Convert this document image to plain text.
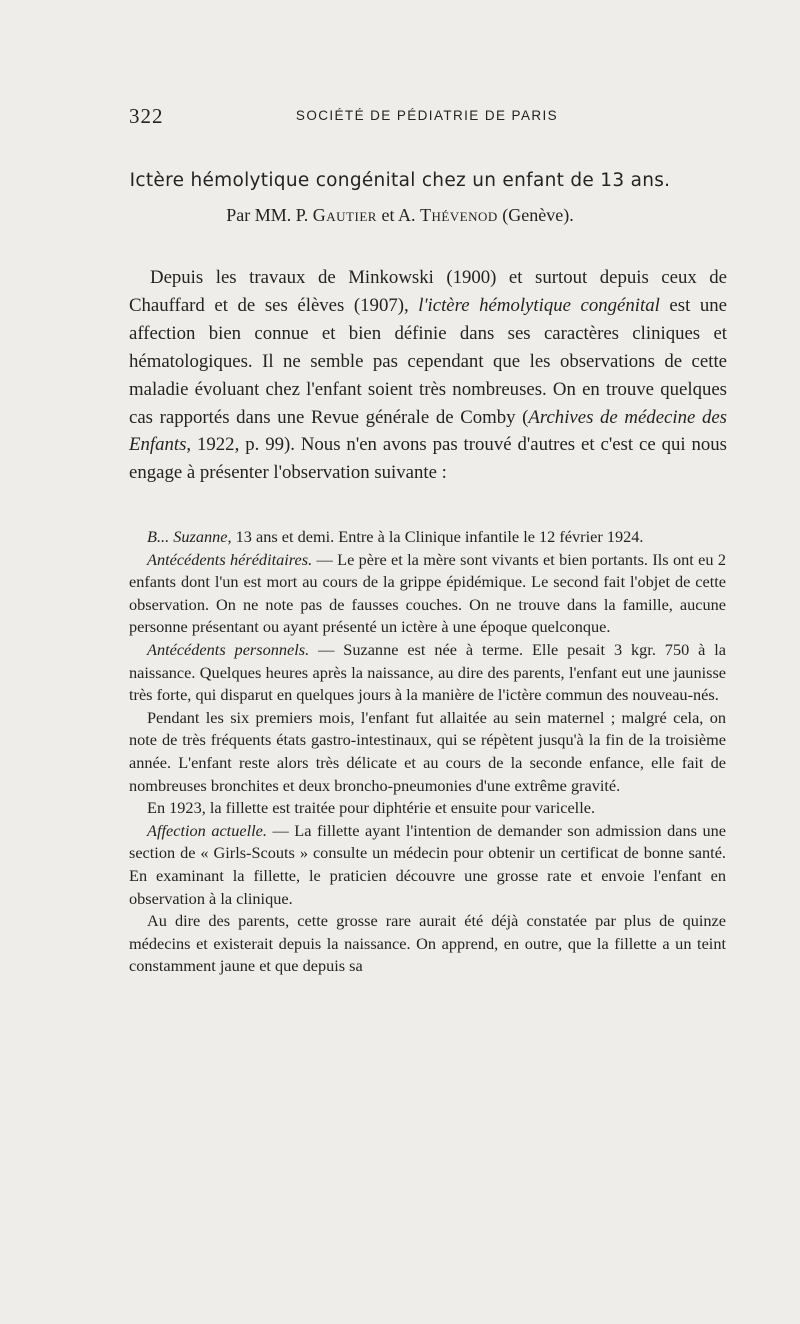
322	SOCIÉTÉ DE PÉDIATRIE DE PARIS
Ictère hémolytique congénital chez un enfant de 13 ans.
Par MM. P. Gautier et A. Thévenod (Genève).

Depuis les travaux de Minkowski (1900) et surtout depuis ceux de Chauffard et de ses élèves (1907), l'ictère hémolytique congénital est une affection bien connue et bien définie dans ses caractères cliniques et hématologiques. Il ne semble pas cependant que les observations de cette maladie évoluant chez l'enfant soient très nombreuses. On en trouve quelques cas rapportés dans une Revue générale de Comby (Archives de médecine des Enfants, 1922, p. 99). Nous n'en avons pas trouvé d'autres et c'est ce qui nous engage à présenter l'observation suivante :

B... Suzanne, 13 ans et demi. Entre à la Clinique infantile le 12 février 1924.

Antécédents héréditaires. — Le père et la mère sont vivants et bien portants. Ils ont eu 2 enfants dont l'un est mort au cours de la grippe épidémique. Le second fait l'objet de cette observation. On ne note pas de fausses couches. On ne trouve dans la famille, aucune personne présentant ou ayant présenté un ictère à une époque quelconque.

Antécédents personnels. — Suzanne est née à terme. Elle pesait 3 kgr. 750 à la naissance. Quelques heures après la naissance, au dire des parents, l'enfant eut une jaunisse très forte, qui disparut en quelques jours à la manière de l'ictère commun des nouveau-nés.

Pendant les six premiers mois, l'enfant fut allaitée au sein maternel ; malgré cela, on note de très fréquents états gastro-intestinaux, qui se répètent jusqu'à la fin de la troisième année. L'enfant reste alors très délicate et au cours de la seconde enfance, elle fait de nombreuses bronchites et deux broncho-pneumonies d'une extrême gravité.

En 1923, la fillette est traitée pour diphtérie et ensuite pour varicelle.

Affection actuelle. — La fillette ayant l'intention de demander son admission dans une section de « Girls-Scouts » consulte un médecin pour obtenir un certificat de bonne santé. En examinant la fillette, le praticien découvre une grosse rate et envoie l'enfant en observation à la clinique.

Au dire des parents, cette grosse rare aurait été déjà constatée par plus de quinze médecins et existerait depuis la naissance. On apprend, en outre, que la fillette a un teint constamment jaune et que depuis sa
